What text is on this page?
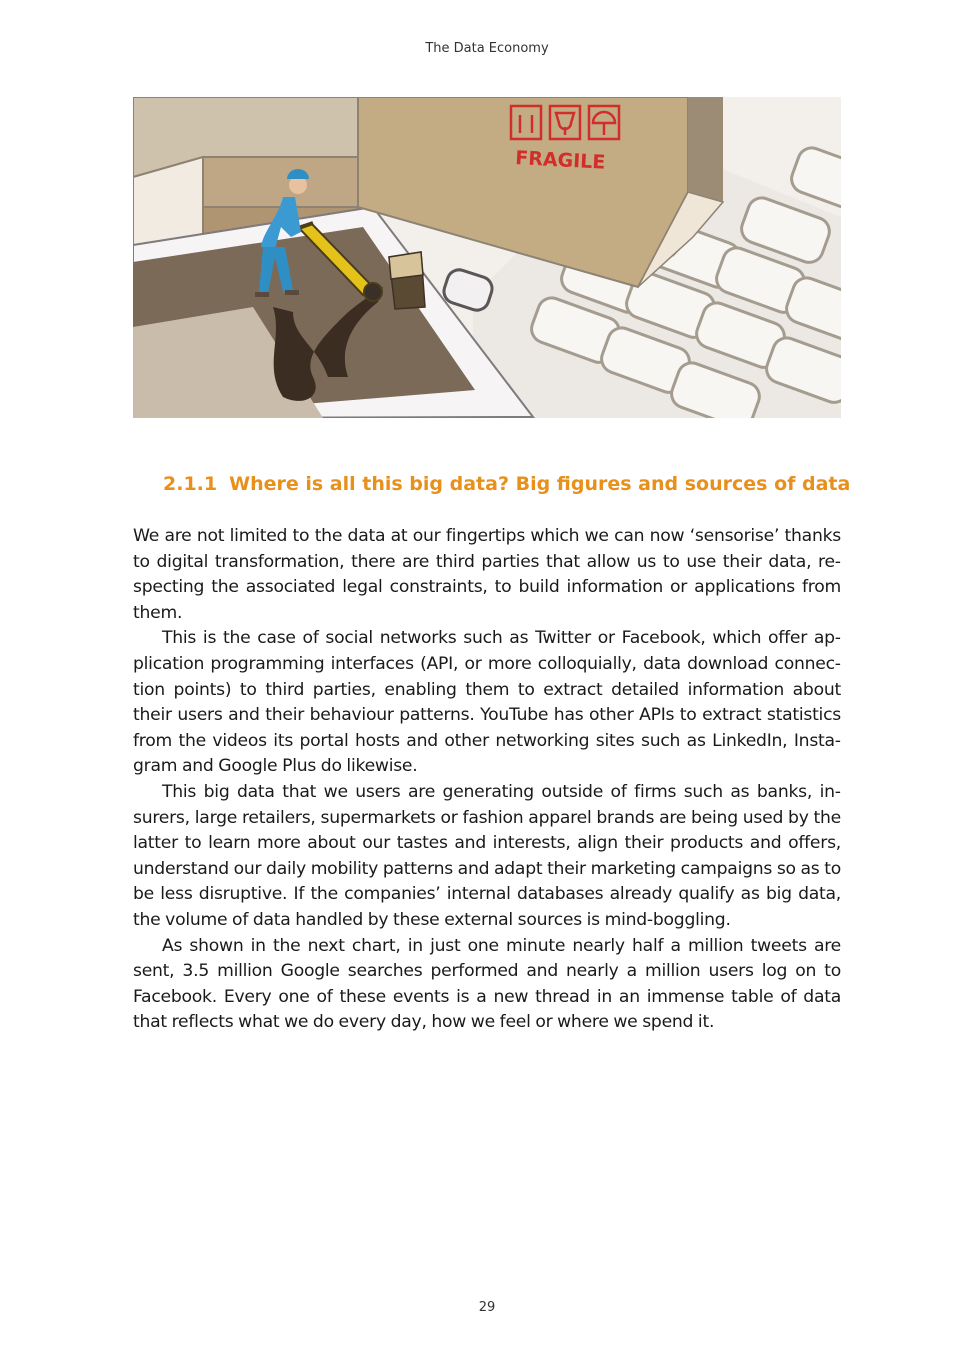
The Data Economy
FRAGILE
2.1.1 Where is all this big data? Big figures and sources of data

We are not limited to the data at our fingertips which we can now ‘sensorise’ thanks to digital transformation, there are third parties that allow us to use their data, respecting the associated legal constraints, to build information or applications from them.

This is the case of social networks such as Twitter or Facebook, which offer application programming interfaces (API, or more colloquially, data download connection points) to third parties, enabling them to extract detailed information about their users and their behaviour patterns. YouTube has other APIs to extract statistics from the videos its portal hosts and other networking sites such as LinkedIn, Instagram and Google Plus do likewise.

This big data that we users are generating outside of firms such as banks, insurers, large retailers, supermarkets or fashion apparel brands are being used by the latter to learn more about our tastes and interests, align their products and offers, understand our daily mobility patterns and adapt their marketing campaigns so as to be less disruptive. If the companies’ internal databases already qualify as big data, the volume of data handled by these external sources is mind-boggling.

As shown in the next chart, in just one minute nearly half a million tweets are sent, 3.5 million Google searches performed and nearly a million users log on to Facebook. Every one of these events is a new thread in an immense table of data that reflects what we do every day, how we feel or where we spend it.

29
